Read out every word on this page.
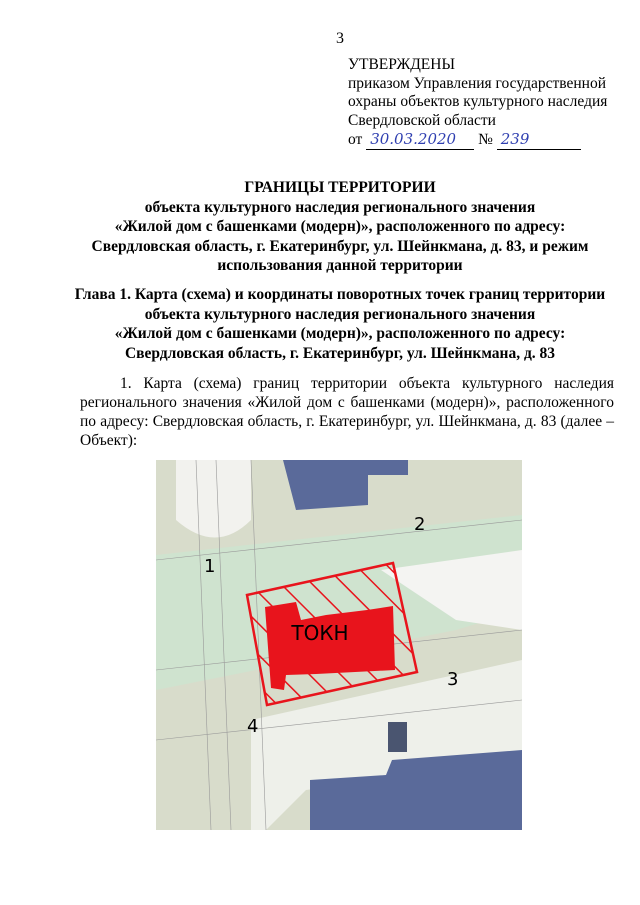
3
УТВЕРЖДЕНЫ
приказом Управления государственной
охраны объектов культурного наследия
Свердловской области
от 30.03.2020 № 239
ГРАНИЦЫ ТЕРРИТОРИИ
объекта культурного наследия регионального значения
«Жилой дом с башенками (модерн)», расположенного по адресу:
Свердловская область, г. Екатеринбург, ул. Шейнкмана, д. 83, и режим
использования данной территории
Глава 1. Карта (схема) и координаты поворотных точек границ территории
объекта культурного наследия регионального значения
«Жилой дом с башенками (модерн)», расположенного по адресу:
Свердловская область, г. Екатеринбург, ул. Шейнкмана, д. 83
1. Карта (схема) границ территории объекта культурного наследия регионального значения «Жилой дом с башенками (модерн)», расположенного по адресу: Свердловская область, г. Екатеринбург, ул. Шейнкмана, д. 83 (далее – Объект):
ТОКН
1
2
3
4
